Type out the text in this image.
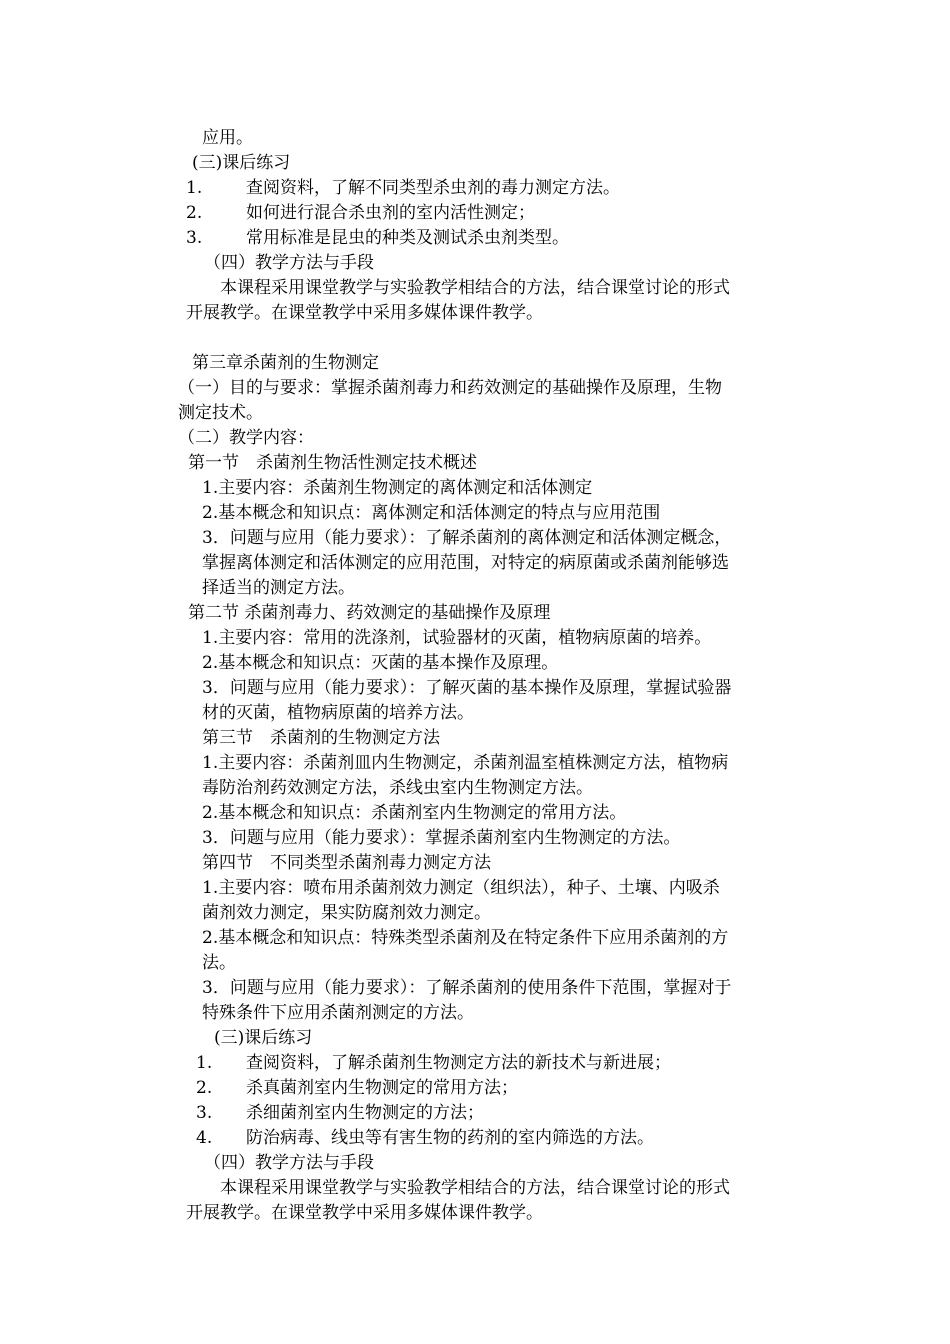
应用。
(三)课后练习
1.	查阅资料，了解不同类型杀虫剂的毒力测定方法。
2.	如何进行混合杀虫剂的室内活性测定；
3.	常用标准是昆虫的种类及测试杀虫剂类型。
（四）教学方法与手段
本课程采用课堂教学与实验教学相结合的方法，结合课堂讨论的形式
开展教学。在课堂教学中采用多媒体课件教学。
第三章杀菌剂的生物测定
（一）目的与要求：掌握杀菌剂毒力和药效测定的基础操作及原理，生物
测定技术。
（二）教学内容：
第一节　杀菌剂生物活性测定技术概述
1.主要内容：杀菌剂生物测定的离体测定和活体测定
2.基本概念和知识点：离体测定和活体测定的特点与应用范围
3．问题与应用（能力要求）：了解杀菌剂的离体测定和活体测定概念，
掌握离体测定和活体测定的应用范围，对特定的病原菌或杀菌剂能够选
择适当的测定方法。
第二节 杀菌剂毒力、药效测定的基础操作及原理
1.主要内容：常用的洗涤剂，试验器材的灭菌，植物病原菌的培养。
2.基本概念和知识点：灭菌的基本操作及原理。
3．问题与应用（能力要求）：了解灭菌的基本操作及原理，掌握试验器
材的灭菌，植物病原菌的培养方法。
第三节　杀菌剂的生物测定方法
1.主要内容：杀菌剂皿内生物测定，杀菌剂温室植株测定方法，植物病
毒防治剂药效测定方法，杀线虫室内生物测定方法。
2.基本概念和知识点：杀菌剂室内生物测定的常用方法。
3．问题与应用（能力要求）：掌握杀菌剂室内生物测定的方法。
第四节　不同类型杀菌剂毒力测定方法
1.主要内容：喷布用杀菌剂效力测定（组织法），种子、土壤、内吸杀
菌剂效力测定，果实防腐剂效力测定。
2.基本概念和知识点：特殊类型杀菌剂及在特定条件下应用杀菌剂的方
法。
3．问题与应用（能力要求）：了解杀菌剂的使用条件下范围，掌握对于
特殊条件下应用杀菌剂测定的方法。
(三)课后练习
1. 查阅资料，了解杀菌剂生物测定方法的新技术与新进展；
2. 杀真菌剂室内生物测定的常用方法；
3. 杀细菌剂室内生物测定的方法；
4. 防治病毒、线虫等有害生物的药剂的室内筛选的方法。
（四）教学方法与手段
本课程采用课堂教学与实验教学相结合的方法，结合课堂讨论的形式
开展教学。在课堂教学中采用多媒体课件教学。
